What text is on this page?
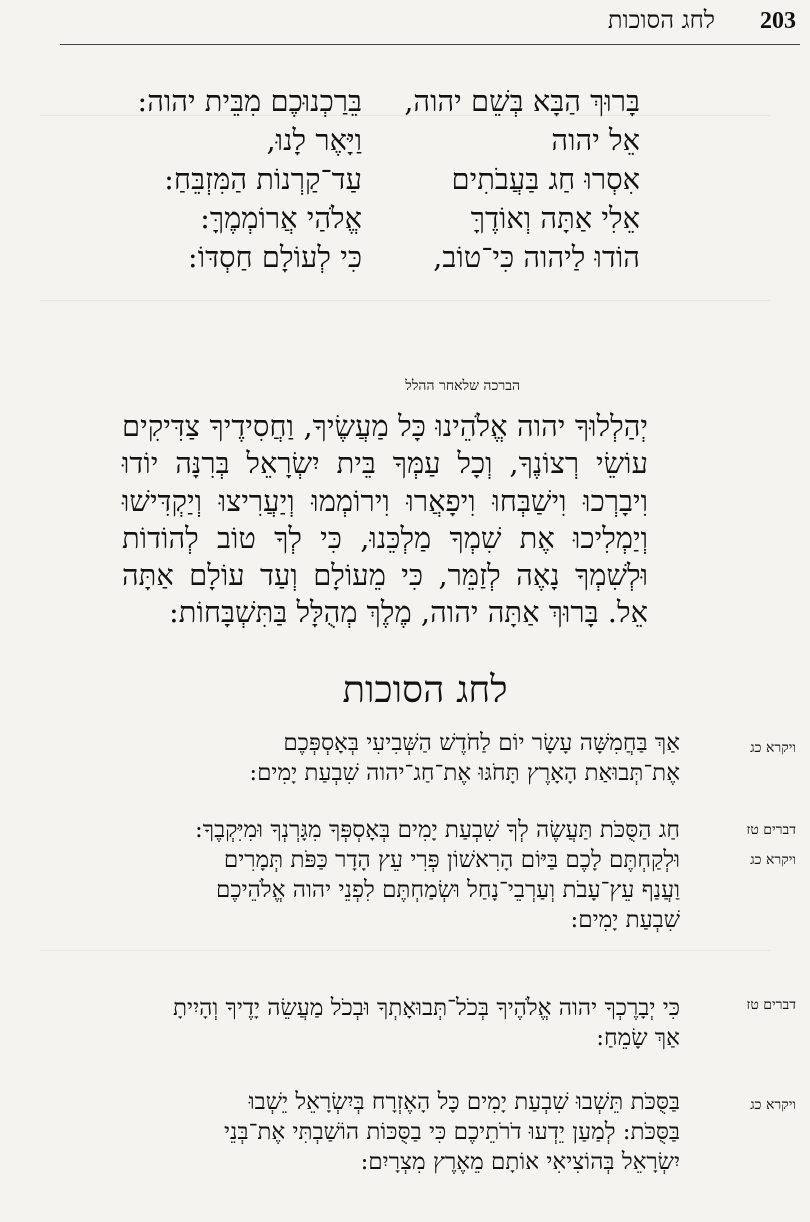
203
לחג הסוכות
בָּרוּךְ הַבָּא בְּשֵׁם יהוה,
בֵּרַכְנוּכֶם מִבֵּית יהוה:
אֵל יהוה
וַיָּאֶר לָנוּ,
אִסְרוּ חַג בַּעֲבֹתִים
עַד־קַרְנוֹת הַמִּזְבֵּחַ:
אֵלִי אַתָּה וְאוֹדֶךָּ
אֱלֹהַי אֲרוֹמְמֶךָּ:
הוֹדוּ לַיהוה כִּי־טוֹב,
כִּי לְעוֹלָם חַסְדּוֹ:
הברכה שלאחר ההלל
יְהַלְלוּךָ יהוה אֱלֹהֵינוּ כָּל מַעֲשֶׂיךָ, וַחֲסִידֶיךָ צַדִּיקִים עוֹשֵׂי רְצוֹנֶךָ, וְכָל עַמְּךָ בֵּית יִשְׂרָאֵל בְּרִנָּה יוֹדוּ וִיבָרְכוּ וִישַׁבְּחוּ וִיפָאֲרוּ וִירוֹמְמוּ וְיַעֲרִיצוּ וְיַקְדִּישׁוּ וְיַמְלִיכוּ אֶת שִׁמְךָ מַלְכֵּנוּ, כִּי לְךָ טוֹב לְהוֹדוֹת וּלְשִׁמְךָ נָאֶה לְזַמֵּר, כִּי מֵעוֹלָם וְעַד עוֹלָם אַתָּה אֵל. בָּרוּךְ אַתָּה יהוה, מֶלֶךְ מְהֻלָּל בַּתִּשְׁבָּחוֹת:
לחג הסוכות
ויקרא כג
דברים טז
ויקרא כג
דברים טז
ויקרא כג
אַךְ בַּחֲמִשָּׁה עָשָׂר יוֹם לַחֹדֶשׁ הַשְּׁבִיעִי בְּאָסְפְּכֶם
אֶת־תְּבוּאַת הָאָרֶץ תָּחֹגּוּ אֶת־חַג־יהוה שִׁבְעַת יָמִים:
חַג הַסֻּכֹּת תַּעֲשֶׂה לְךָ שִׁבְעַת יָמִים בְּאָסְפְּךָ מִגָּרְנְךָ וּמִיִּקְבֶךָ:
וּלְקַחְתֶּם לָכֶם בַּיּוֹם הָרִאשׁוֹן פְּרִי עֵץ הָדָר כַּפֹּת תְּמָרִים
וַעֲנַף עֵץ־עָבֹת וְעַרְבֵי־נָחַל וּשְׂמַחְתֶּם לִפְנֵי יהוה אֱלֹהֵיכֶם
שִׁבְעַת יָמִים:
כִּי יְבָרֶכְךָ יהוה אֱלֹהֶיךָ בְּכֹל־תְּבוּאָתְךָ וּבְכֹל מַעֲשֵׂה יָדֶיךָ וְהָיִיתָ
אַךְ שָׂמֵחַ:
בַּסֻּכֹּת תֵּשְׁבוּ שִׁבְעַת יָמִים כָּל הָאֶזְרָח בְּיִשְׂרָאֵל יֵשְׁבוּ
בַּסֻּכֹּת: לְמַעַן יֵדְעוּ דֹרֹתֵיכֶם כִּי בַסֻּכּוֹת הוֹשַׁבְתִּי אֶת־בְּנֵי
יִשְׂרָאֵל בְּהוֹצִיאִי אוֹתָם מֵאֶרֶץ מִצְרָיִם:
